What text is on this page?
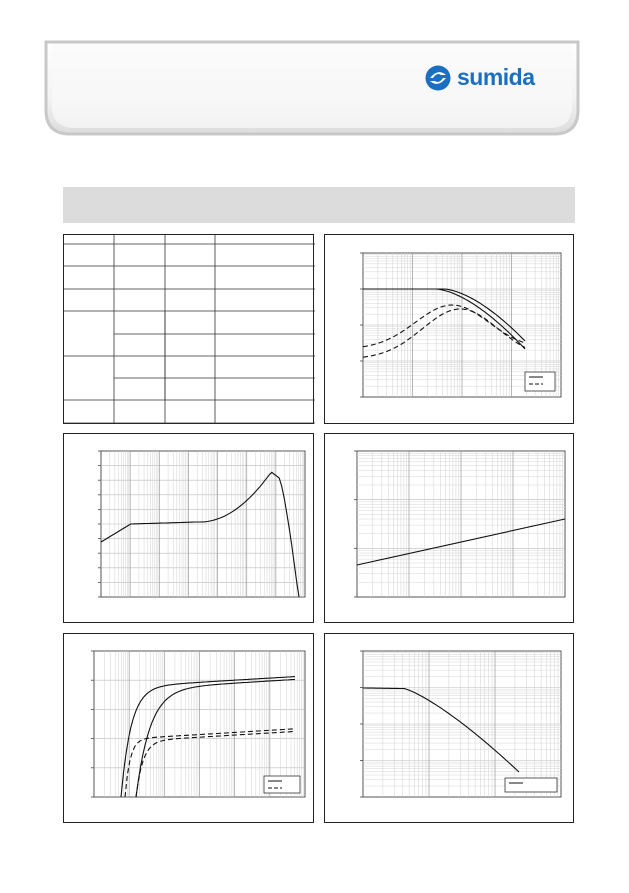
sumida
